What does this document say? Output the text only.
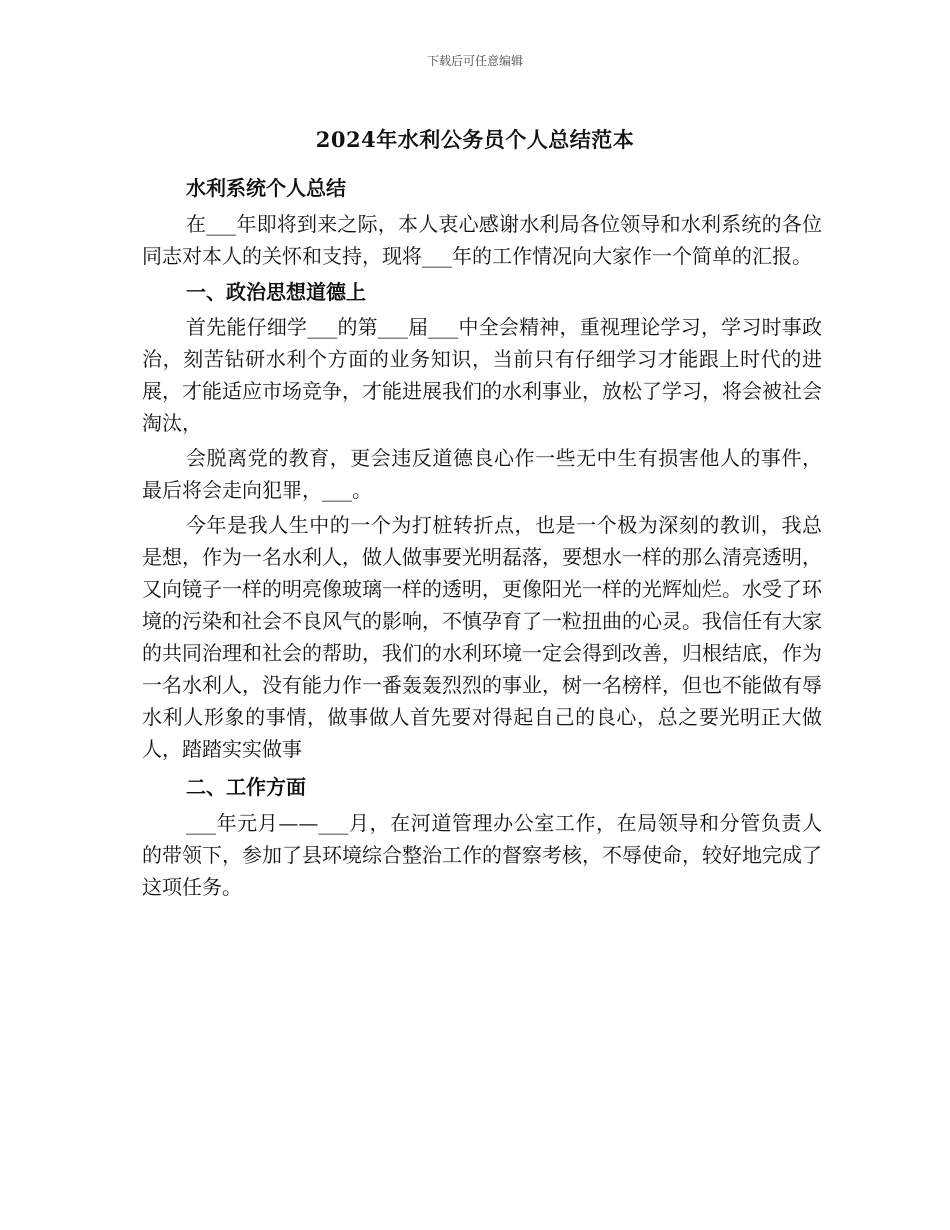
下载后可任意编辑
2024年水利公务员个人总结范本

水利系统个人总结

在___年即将到来之际，本人衷心感谢水利局各位领导和水利系统的各位同志对本人的关怀和支持，现将___年的工作情况向大家作一个简单的汇报。

一、政治思想道德上

首先能仔细学___的第___届___中全会精神，重视理论学习，学习时事政治，刻苦钻研水利个方面的业务知识，当前只有仔细学习才能跟上时代的进展，才能适应市场竞争，才能进展我们的水利事业，放松了学习，将会被社会淘汰，

会脱离党的教育，更会违反道德良心作一些无中生有损害他人的事件，最后将会走向犯罪，___。

今年是我人生中的一个为打桩转折点，也是一个极为深刻的教训，我总是想，作为一名水利人，做人做事要光明磊落，要想水一样的那么清亮透明，又向镜子一样的明亮像玻璃一样的透明，更像阳光一样的光辉灿烂。水受了环境的污染和社会不良风气的影响，不慎孕育了一粒扭曲的心灵。我信任有大家的共同治理和社会的帮助，我们的水利环境一定会得到改善，归根结底，作为一名水利人，没有能力作一番轰轰烈烈的事业，树一名榜样，但也不能做有辱水利人形象的事情，做事做人首先要对得起自己的良心，总之要光明正大做人，踏踏实实做事

二、工作方面

___年元月——___月，在河道管理办公室工作，在局领导和分管负责人的带领下，参加了县环境综合整治工作的督察考核，不辱使命，较好地完成了这项任务。
